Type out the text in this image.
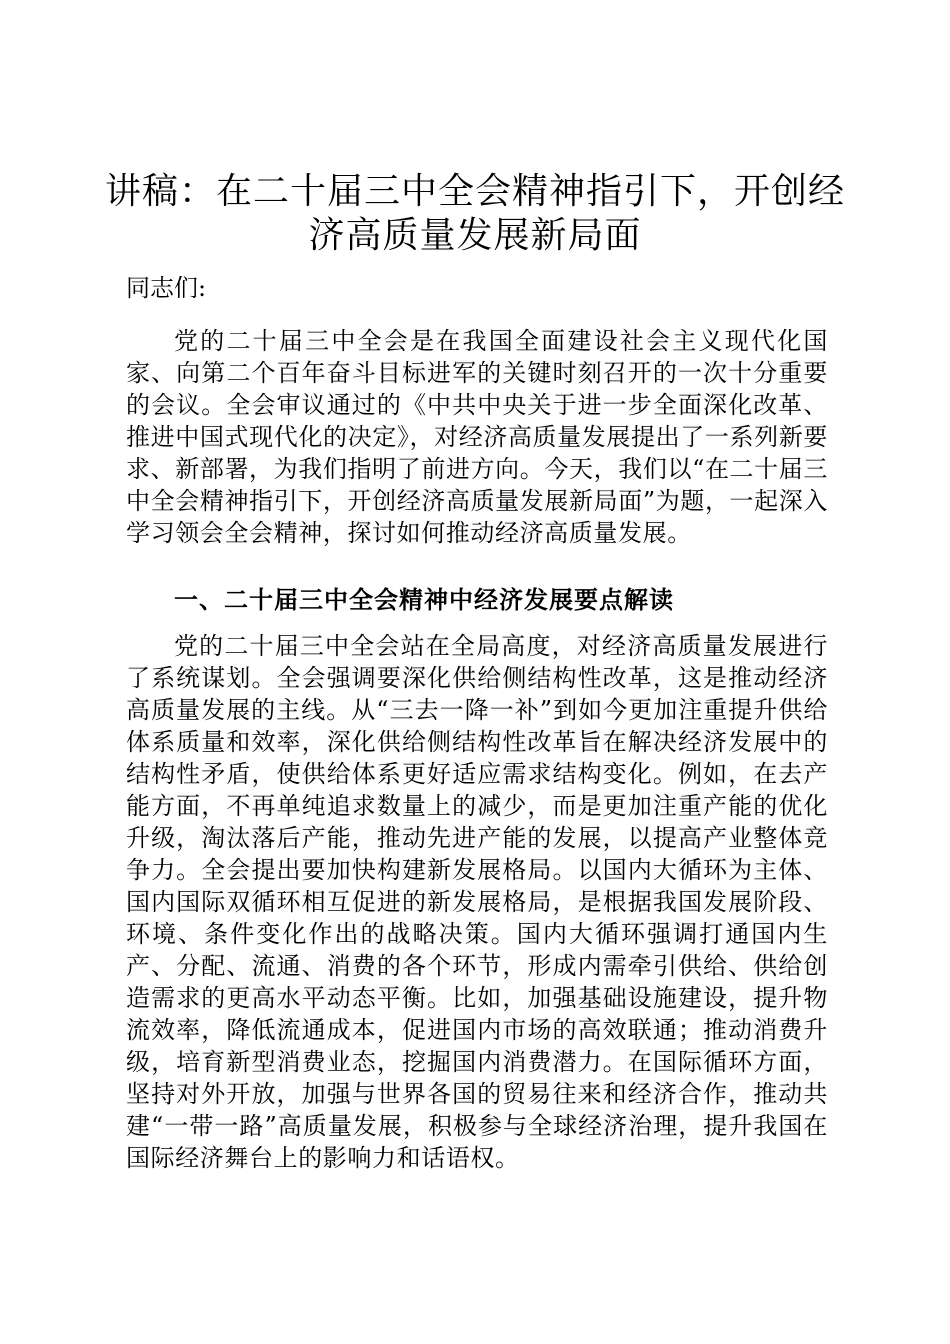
讲稿：在二十届三中全会精神指引下，开创经济高质量发展新局面

同志们:

党的二十届三中全会是在我国全面建设社会主义现代化国家、向第二个百年奋斗目标进军的关键时刻召开的一次十分重要的会议。全会审议通过的《中共中央关于进一步全面深化改革、推进中国式现代化的决定》，对经济高质量发展提出了一系列新要求、新部署，为我们指明了前进方向。今天，我们以“在二十届三中全会精神指引下，开创经济高质量发展新局面”为题，一起深入学习领会全会精神，探讨如何推动经济高质量发展。

一、二十届三中全会精神中经济发展要点解读

党的二十届三中全会站在全局高度，对经济高质量发展进行了系统谋划。全会强调要深化供给侧结构性改革，这是推动经济高质量发展的主线。从“三去一降一补”到如今更加注重提升供给体系质量和效率，深化供给侧结构性改革旨在解决经济发展中的结构性矛盾，使供给体系更好适应需求结构变化。例如，在去产能方面，不再单纯追求数量上的减少，而是更加注重产能的优化升级，淘汰落后产能，推动先进产能的发展，以提高产业整体竞争力。全会提出要加快构建新发展格局。以国内大循环为主体、国内国际双循环相互促进的新发展格局，是根据我国发展阶段、环境、条件变化作出的战略决策。国内大循环强调打通国内生产、分配、流通、消费的各个环节，形成内需牵引供给、供给创造需求的更高水平动态平衡。比如，加强基础设施建设，提升物流效率，降低流通成本，促进国内市场的高效联通；推动消费升级，培育新型消费业态，挖掘国内消费潜力。在国际循环方面，坚持对外开放，加强与世界各国的贸易往来和经济合作，推动共建“一带一路”高质量发展，积极参与全球经济治理，提升我国在国际经济舞台上的影响力和话语权。
